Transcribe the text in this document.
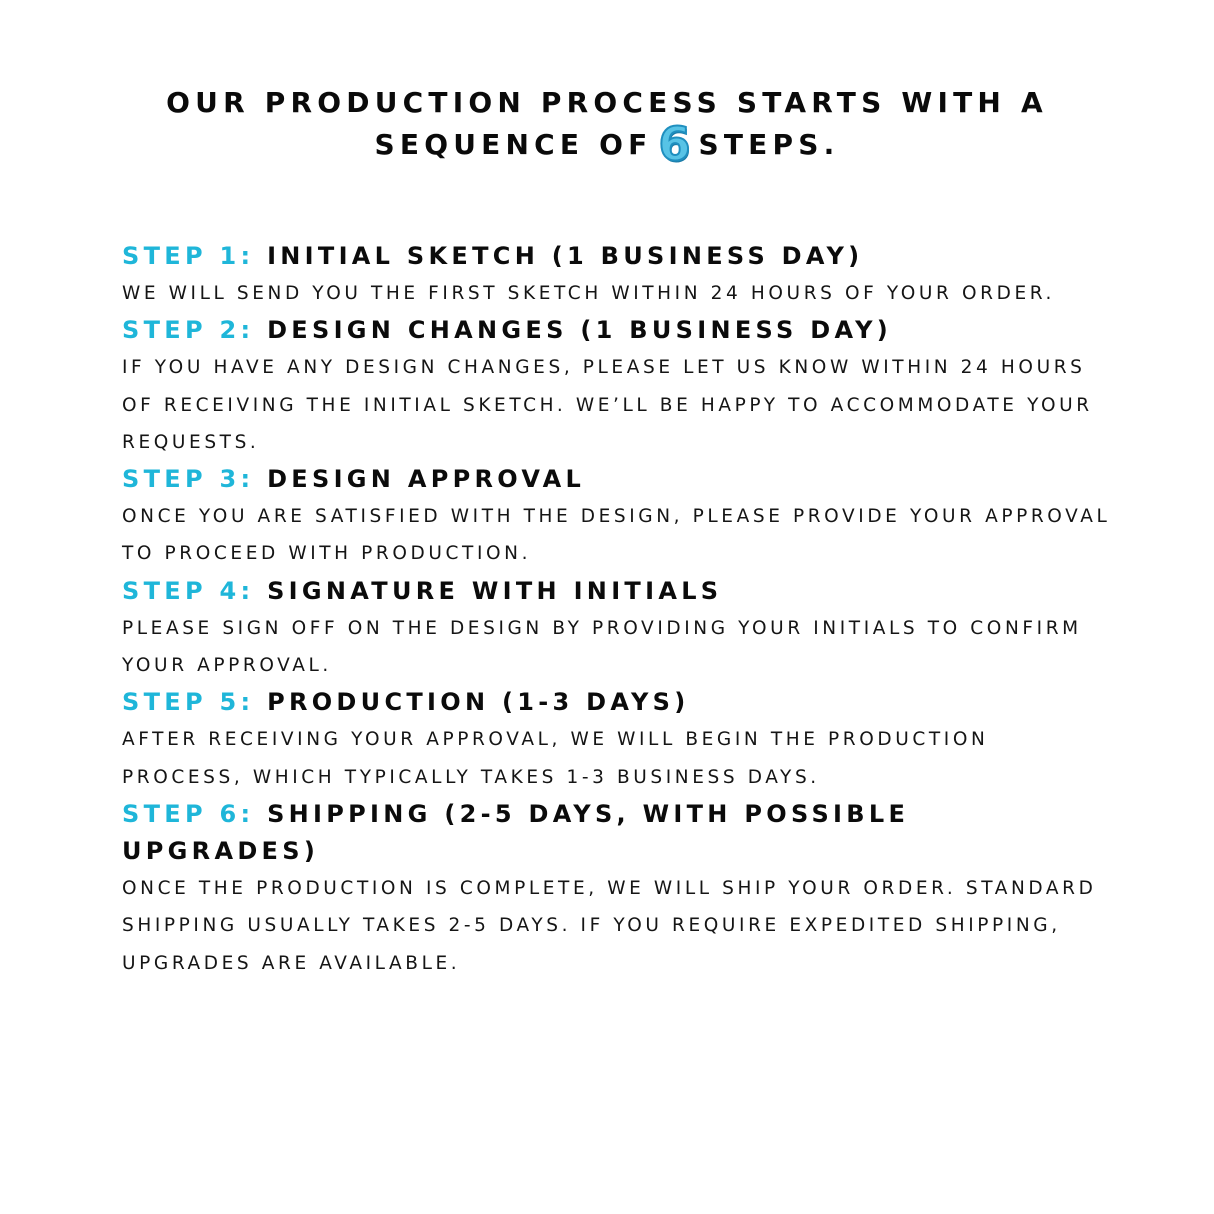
OUR PRODUCTION PROCESS STARTS WITH A
SEQUENCE OF 6 STEPS.

STEP 1: INITIAL SKETCH (1 BUSINESS DAY)

WE WILL SEND YOU THE FIRST SKETCH WITHIN 24 HOURS OF YOUR ORDER.

STEP 2: DESIGN CHANGES (1 BUSINESS DAY)

IF YOU HAVE ANY DESIGN CHANGES, PLEASE LET US KNOW WITHIN 24 HOURS OF RECEIVING THE INITIAL SKETCH. WE’LL BE HAPPY TO ACCOMMODATE YOUR REQUESTS.

STEP 3: DESIGN APPROVAL

ONCE YOU ARE SATISFIED WITH THE DESIGN, PLEASE PROVIDE YOUR APPROVAL TO PROCEED WITH PRODUCTION.

STEP 4: SIGNATURE WITH INITIALS

PLEASE SIGN OFF ON THE DESIGN BY PROVIDING YOUR INITIALS TO CONFIRM YOUR APPROVAL.

STEP 5: PRODUCTION (1-3 DAYS)

AFTER RECEIVING YOUR APPROVAL, WE WILL BEGIN THE PRODUCTION PROCESS, WHICH TYPICALLY TAKES 1-3 BUSINESS DAYS.

STEP 6: SHIPPING (2-5 DAYS, WITH POSSIBLE UPGRADES)

ONCE THE PRODUCTION IS COMPLETE, WE WILL SHIP YOUR ORDER. STANDARD SHIPPING USUALLY TAKES 2-5 DAYS. IF YOU REQUIRE EXPEDITED SHIPPING, UPGRADES ARE AVAILABLE.
